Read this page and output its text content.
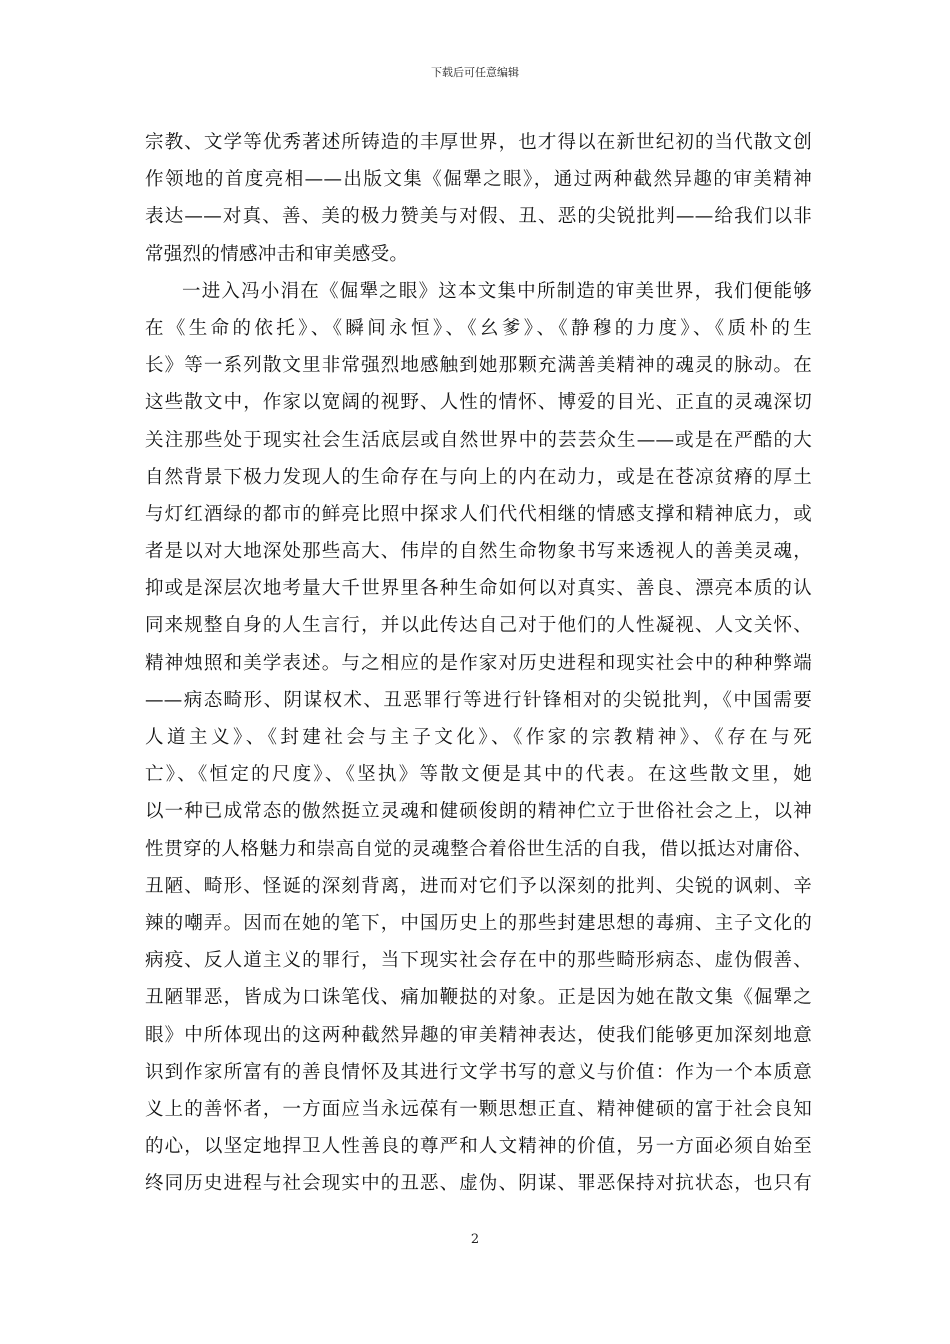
下载后可任意编辑
宗教、文学等优秀著述所铸造的丰厚世界，也才得以在新世纪初的当代散文创
作领地的首度亮相——出版文集《倔犟之眼》，通过两种截然异趣的审美精神
表达——对真、善、美的极力赞美与对假、丑、恶的尖锐批判——给我们以非
常强烈的情感冲击和审美感受。
一进入冯小涓在《倔犟之眼》这本文集中所制造的审美世界，我们便能够
在《生命的依托》、《瞬间永恒》、《幺爹》、《静穆的力度》、《质朴的生
长》等一系列散文里非常强烈地感触到她那颗充满善美精神的魂灵的脉动。在
这些散文中，作家以宽阔的视野、人性的情怀、博爱的目光、正直的灵魂深切
关注那些处于现实社会生活底层或自然世界中的芸芸众生——或是在严酷的大
自然背景下极力发现人的生命存在与向上的内在动力，或是在苍凉贫瘠的厚土
与灯红酒绿的都市的鲜亮比照中探求人们代代相继的情感支撑和精神底力，或
者是以对大地深处那些高大、伟岸的自然生命物象书写来透视人的善美灵魂，
抑或是深层次地考量大千世界里各种生命如何以对真实、善良、漂亮本质的认
同来规整自身的人生言行，并以此传达自己对于他们的人性凝视、人文关怀、
精神烛照和美学表述。与之相应的是作家对历史进程和现实社会中的种种弊端
——病态畸形、阴谋权术、丑恶罪行等进行针锋相对的尖锐批判，《中国需要
人道主义》、《封建社会与主子文化》、《作家的宗教精神》、《存在与死
亡》、《恒定的尺度》、《坚执》等散文便是其中的代表。在这些散文里，她
以一种已成常态的傲然挺立灵魂和健硕俊朗的精神伫立于世俗社会之上，以神
性贯穿的人格魅力和崇高自觉的灵魂整合着俗世生活的自我，借以抵达对庸俗、
丑陋、畸形、怪诞的深刻背离，进而对它们予以深刻的批判、尖锐的讽刺、辛
辣的嘲弄。因而在她的笔下，中国历史上的那些封建思想的毒痈、主子文化的
病疫、反人道主义的罪行，当下现实社会存在中的那些畸形病态、虚伪假善、
丑陋罪恶，皆成为口诛笔伐、痛加鞭挞的对象。正是因为她在散文集《倔犟之
眼》中所体现出的这两种截然异趣的审美精神表达，使我们能够更加深刻地意
识到作家所富有的善良情怀及其进行文学书写的意义与价值：作为一个本质意
义上的善怀者，一方面应当永远葆有一颗思想正直、精神健硕的富于社会良知
的心，以坚定地捍卫人性善良的尊严和人文精神的价值，另一方面必须自始至
终同历史进程与社会现实中的丑恶、虚伪、阴谋、罪恶保持对抗状态，也只有
2
